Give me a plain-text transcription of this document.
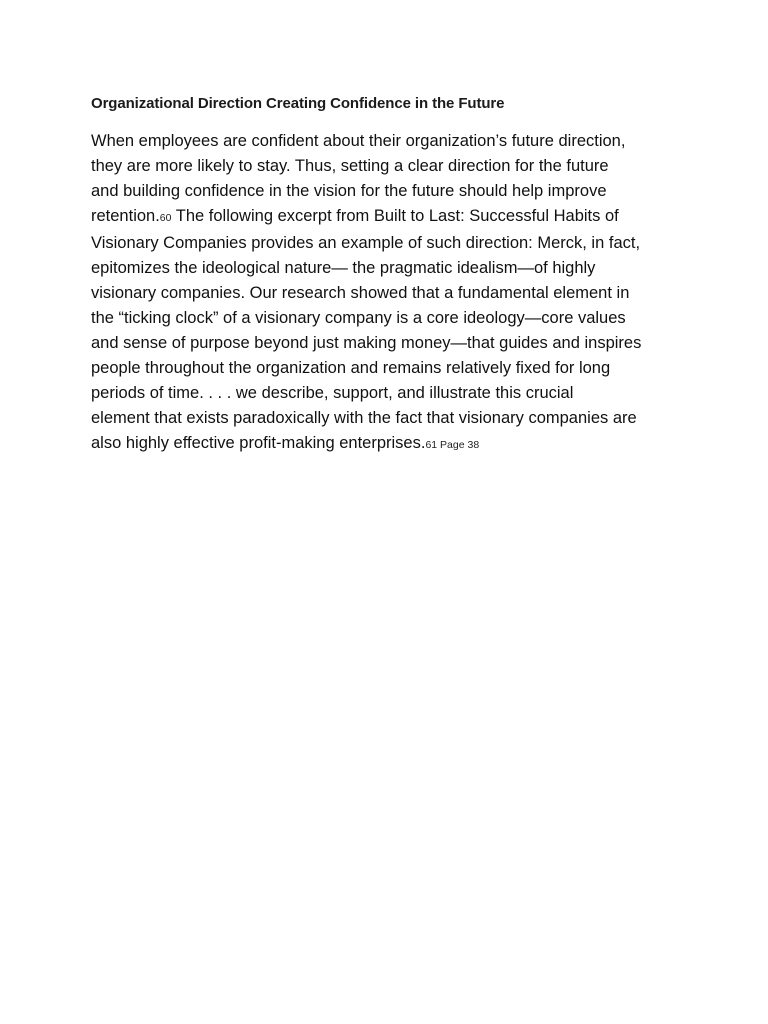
Organizational Direction Creating Confidence in the Future
When employees are confident about their organization’s future direction,
they are more likely to stay. Thus, setting a clear direction for the future
and building confidence in the vision for the future should help improve
retention.60 The following excerpt from Built to Last: Successful Habits of
Visionary Companies provides an example of such direction: Merck, in fact,
epitomizes the ideological nature— the pragmatic idealism—of highly
visionary companies. Our research showed that a fundamental element in
the “ticking clock” of a visionary company is a core ideology—core values
and sense of purpose beyond just making money—that guides and inspires
people throughout the organization and remains relatively fixed for long
periods of time. . . . we describe, support, and illustrate this crucial
element that exists paradoxically with the fact that visionary companies are
also highly effective profit-making enterprises.61 Page 38
